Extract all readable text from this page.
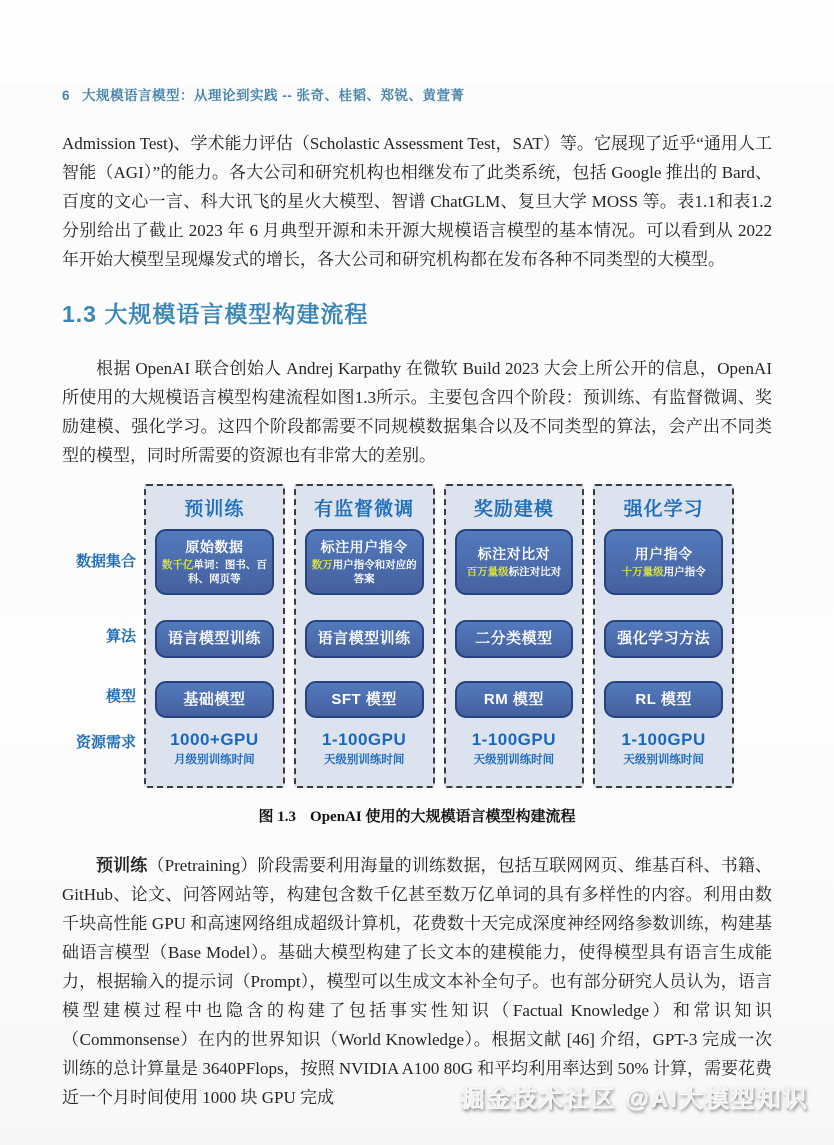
6 大规模语言模型：从理论到实践 -- 张奇、桂韬、郑锐、黄萱菁

Admission Test)、学术能力评估（Scholastic Assessment Test，SAT）等。它展现了近乎“通用人工智能（AGI）”的能力。各大公司和研究机构也相继发布了此类系统，包括 Google 推出的 Bard、百度的文心一言、科大讯飞的星火大模型、智谱 ChatGLM、复旦大学 MOSS 等。表1.1和表1.2分别给出了截止 2023 年 6 月典型开源和未开源大规模语言模型的基本情况。可以看到从 2022 年开始大模型呈现爆发式的增长，各大公司和研究机构都在发布各种不同类型的大模型。

1.3 大规模语言模型构建流程

根据 OpenAI 联合创始人 Andrej Karpathy 在微软 Build 2023 大会上所公开的信息，OpenAI 所使用的大规模语言模型构建流程如图1.3所示。主要包含四个阶段：预训练、有监督微调、奖励建模、强化学习。这四个阶段都需要不同规模数据集合以及不同类型的算法，会产出不同类型的模型，同时所需要的资源也有非常大的差别。

数据集合
算法
模型
资源需求
预训练
原始数据
数千亿单词：图书、百科、网页等
语言模型训练
基础模型
1000+GPU
月级别训练时间
有监督微调
标注用户指令
数万用户指令和对应的答案
语言模型训练
SFT 模型
1-100GPU
天级别训练时间
奖励建模
标注对比对
百万量级标注对比对
二分类模型
RM 模型
1-100GPU
天级别训练时间
强化学习
用户指令
十万量级用户指令
强化学习方法
RL 模型
1-100GPU
天级别训练时间
图 1.3 OpenAI 使用的大规模语言模型构建流程

预训练（Pretraining）阶段需要利用海量的训练数据，包括互联网网页、维基百科、书籍、GitHub、论文、问答网站等，构建包含数千亿甚至数万亿单词的具有多样性的内容。利用由数千块高性能 GPU 和高速网络组成超级计算机，花费数十天完成深度神经网络参数训练，构建基础语言模型（Base Model）。基础大模型构建了长文本的建模能力，使得模型具有语言生成能力，根据输入的提示词（Prompt），模型可以生成文本补全句子。也有部分研究人员认为，语言模型建模过程中也隐含的构建了包括事实性知识（Factual Knowledge）和常识知识（Commonsense）在内的世界知识（World Knowledge）。根据文献 [46] 介绍，GPT-3 完成一次训练的总计算量是 3640PFlops，按照 NVIDIA A100 80G 和平均利用率达到 50% 计算，需要花费近一个月时间使用 1000 块 GPU 完成	掘金技术社区 @AI大模型知识
